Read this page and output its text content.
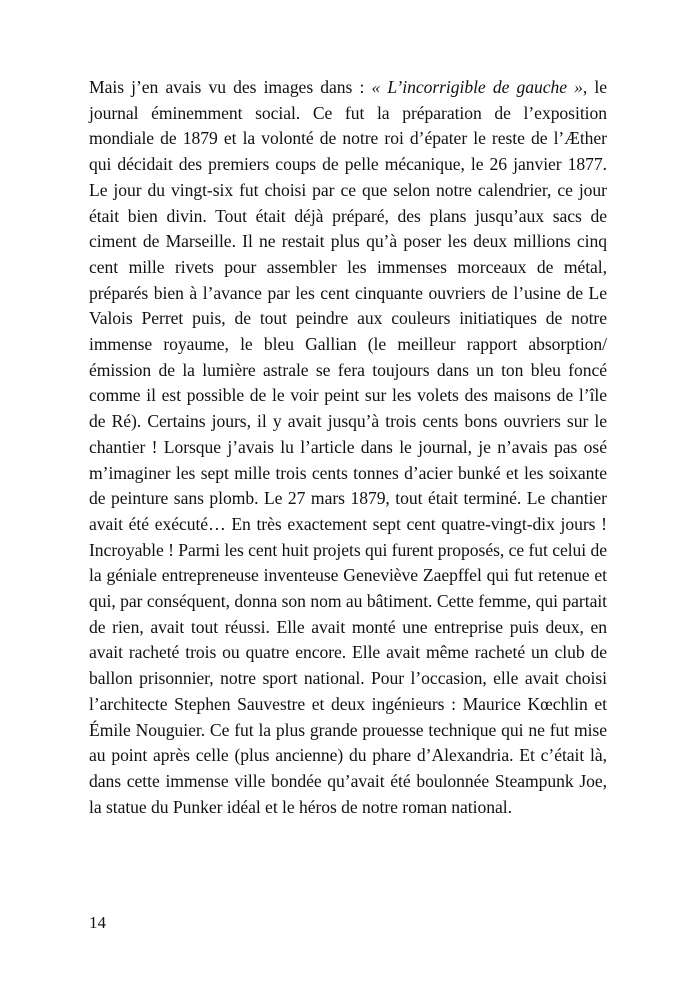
Mais j’en avais vu des images dans : « L’incorrigible de gauche », le journal éminemment social. Ce fut la préparation de l’exposition mondiale de 1879 et la volonté de notre roi d’épater le reste de l’Æther qui décidait des premiers coups de pelle mécanique, le 26 janvier 1877. Le jour du vingt-six fut choisi par ce que selon notre calendrier, ce jour était bien divin. Tout était déjà préparé, des plans jusqu’aux sacs de ciment de Marseille. Il ne restait plus qu’à poser les deux millions cinq cent mille rivets pour assembler les immenses morceaux de métal, préparés bien à l’avance par les cent cinquante ouvriers de l’usine de Le Valois Perret puis, de tout peindre aux couleurs initiatiques de notre immense royaume, le bleu Gallian (le meilleur rapport absorption/émission de la lumière astrale se fera toujours dans un ton bleu foncé comme il est possible de le voir peint sur les volets des maisons de l’île de Ré). Certains jours, il y avait jusqu’à trois cents bons ouvriers sur le chantier ! Lorsque j’avais lu l’article dans le journal, je n’avais pas osé m’imaginer les sept mille trois cents tonnes d’acier bunké et les soixante de peinture sans plomb. Le 27 mars 1879, tout était terminé. Le chantier avait été exécuté… En très exactement sept cent quatre-vingt-dix jours ! Incroyable ! Parmi les cent huit projets qui furent proposés, ce fut celui de la géniale entrepreneuse inventeuse Geneviève Zaepffel qui fut retenue et qui, par conséquent, donna son nom au bâtiment. Cette femme, qui partait de rien, avait tout réussi. Elle avait monté une entreprise puis deux, en avait racheté trois ou quatre encore. Elle avait même racheté un club de ballon prisonnier, notre sport national. Pour l’occasion, elle avait choisi l’architecte Stephen Sauvestre et deux ingénieurs : Maurice Kœchlin et Émile Nouguier. Ce fut la plus grande prouesse technique qui ne fut mise au point après celle (plus ancienne) du phare d’Alexandria. Et c’était là, dans cette immense ville bondée qu’avait été boulonnée Steampunk Joe, la statue du Punker idéal et le héros de notre roman national.

14
